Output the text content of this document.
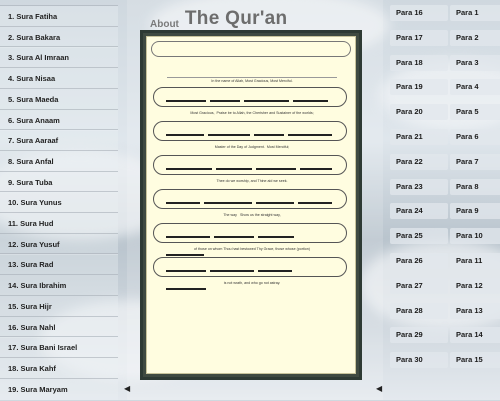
1. Sura Fatiha
2. Sura Bakara
3. Sura Al Imraan
4. Sura Nisaa
5. Sura Maeda
6. Sura Anaam
7. Sura Aaraaf
8. Sura Anfal
9. Sura Tuba
10. Sura Yunus
11. Sura Hud
12. Sura Yusuf
13. Sura Rad
14. Sura Ibrahim
15. Sura Hijr
16. Sura Nahl
17. Sura Bani Israel
18. Sura Kahf
19. Sura Maryam
About The Qur'an
In the name of Allah, Most Gracious, Most Merciful.
Most Gracious, Praise be to Allah, the Cherisher and Sustainer of the worlds;
Master of the Day of Judgment. Most Merciful;
Thee do we worship, and Thine aid we seek.
The way Show us the straight way,
of those on whom Thou hast bestowed Thy Grace, those whose (portion)
is not wrath, and who go not astray.
◀	◀
Para 16
Para 17
Para 18
Para 19
Para 20
Para 21
Para 22
Para 23
Para 24
Para 25
Para 26
Para 27
Para 28
Para 29
Para 30
Para 1
Para 2
Para 3
Para 4
Para 5
Para 6
Para 7
Para 8
Para 9
Para 10
Para 11
Para 12
Para 13
Para 14
Para 15
